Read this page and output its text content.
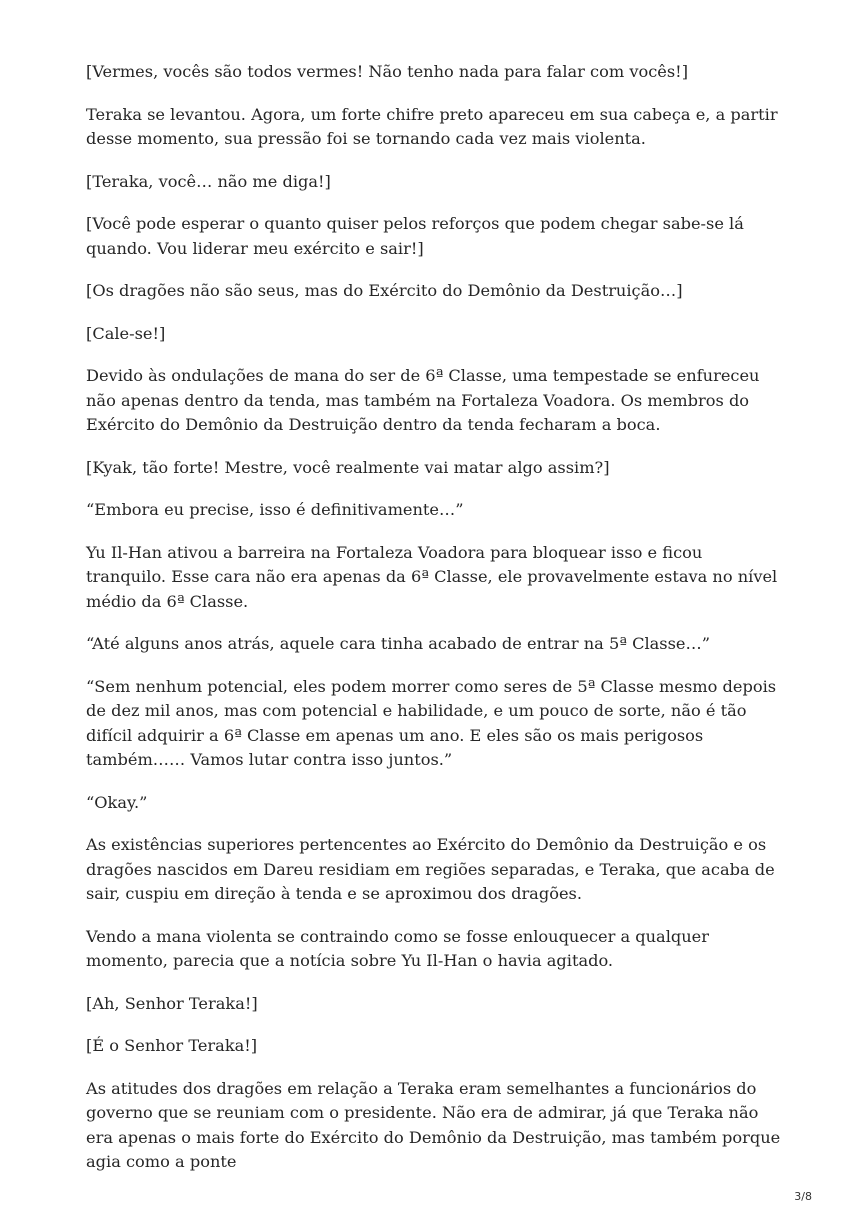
[Vermes, vocês são todos vermes! Não tenho nada para falar com vocês!]

Teraka se levantou. Agora, um forte chifre preto apareceu em sua cabeça e, a partir desse momento, sua pressão foi se tornando cada vez mais violenta.

[Teraka, você… não me diga!]

[Você pode esperar o quanto quiser pelos reforços que podem chegar sabe-se lá quando. Vou liderar meu exército e sair!]

[Os dragões não são seus, mas do Exército do Demônio da Destruição…]

[Cale-se!]

Devido às ondulações de mana do ser de 6ª Classe, uma tempestade se enfureceu não apenas dentro da tenda, mas também na Fortaleza Voadora. Os membros do Exército do Demônio da Destruição dentro da tenda fecharam a boca.

[Kyak, tão forte! Mestre, você realmente vai matar algo assim?]

“Embora eu precise, isso é definitivamente…”

Yu Il-Han ativou a barreira na Fortaleza Voadora para bloquear isso e ficou tranquilo. Esse cara não era apenas da 6ª Classe, ele provavelmente estava no nível médio da 6ª Classe.

“Até alguns anos atrás, aquele cara tinha acabado de entrar na 5ª Classe…”

“Sem nenhum potencial, eles podem morrer como seres de 5ª Classe mesmo depois de dez mil anos, mas com potencial e habilidade, e um pouco de sorte, não é tão difícil adquirir a 6ª Classe em apenas um ano. E eles são os mais perigosos também…… Vamos lutar contra isso juntos.”

“Okay.”

As existências superiores pertencentes ao Exército do Demônio da Destruição e os dragões nascidos em Dareu residiam em regiões separadas, e Teraka, que acaba de sair, cuspiu em direção à tenda e se aproximou dos dragões.

Vendo a mana violenta se contraindo como se fosse enlouquecer a qualquer momento, parecia que a notícia sobre Yu Il-Han o havia agitado.

[Ah, Senhor Teraka!]

[É o Senhor Teraka!]

As atitudes dos dragões em relação a Teraka eram semelhantes a funcionários do governo que se reuniam com o presidente. Não era de admirar, já que Teraka não era apenas o mais forte do Exército do Demônio da Destruição, mas também porque agia como a ponte

3/8
